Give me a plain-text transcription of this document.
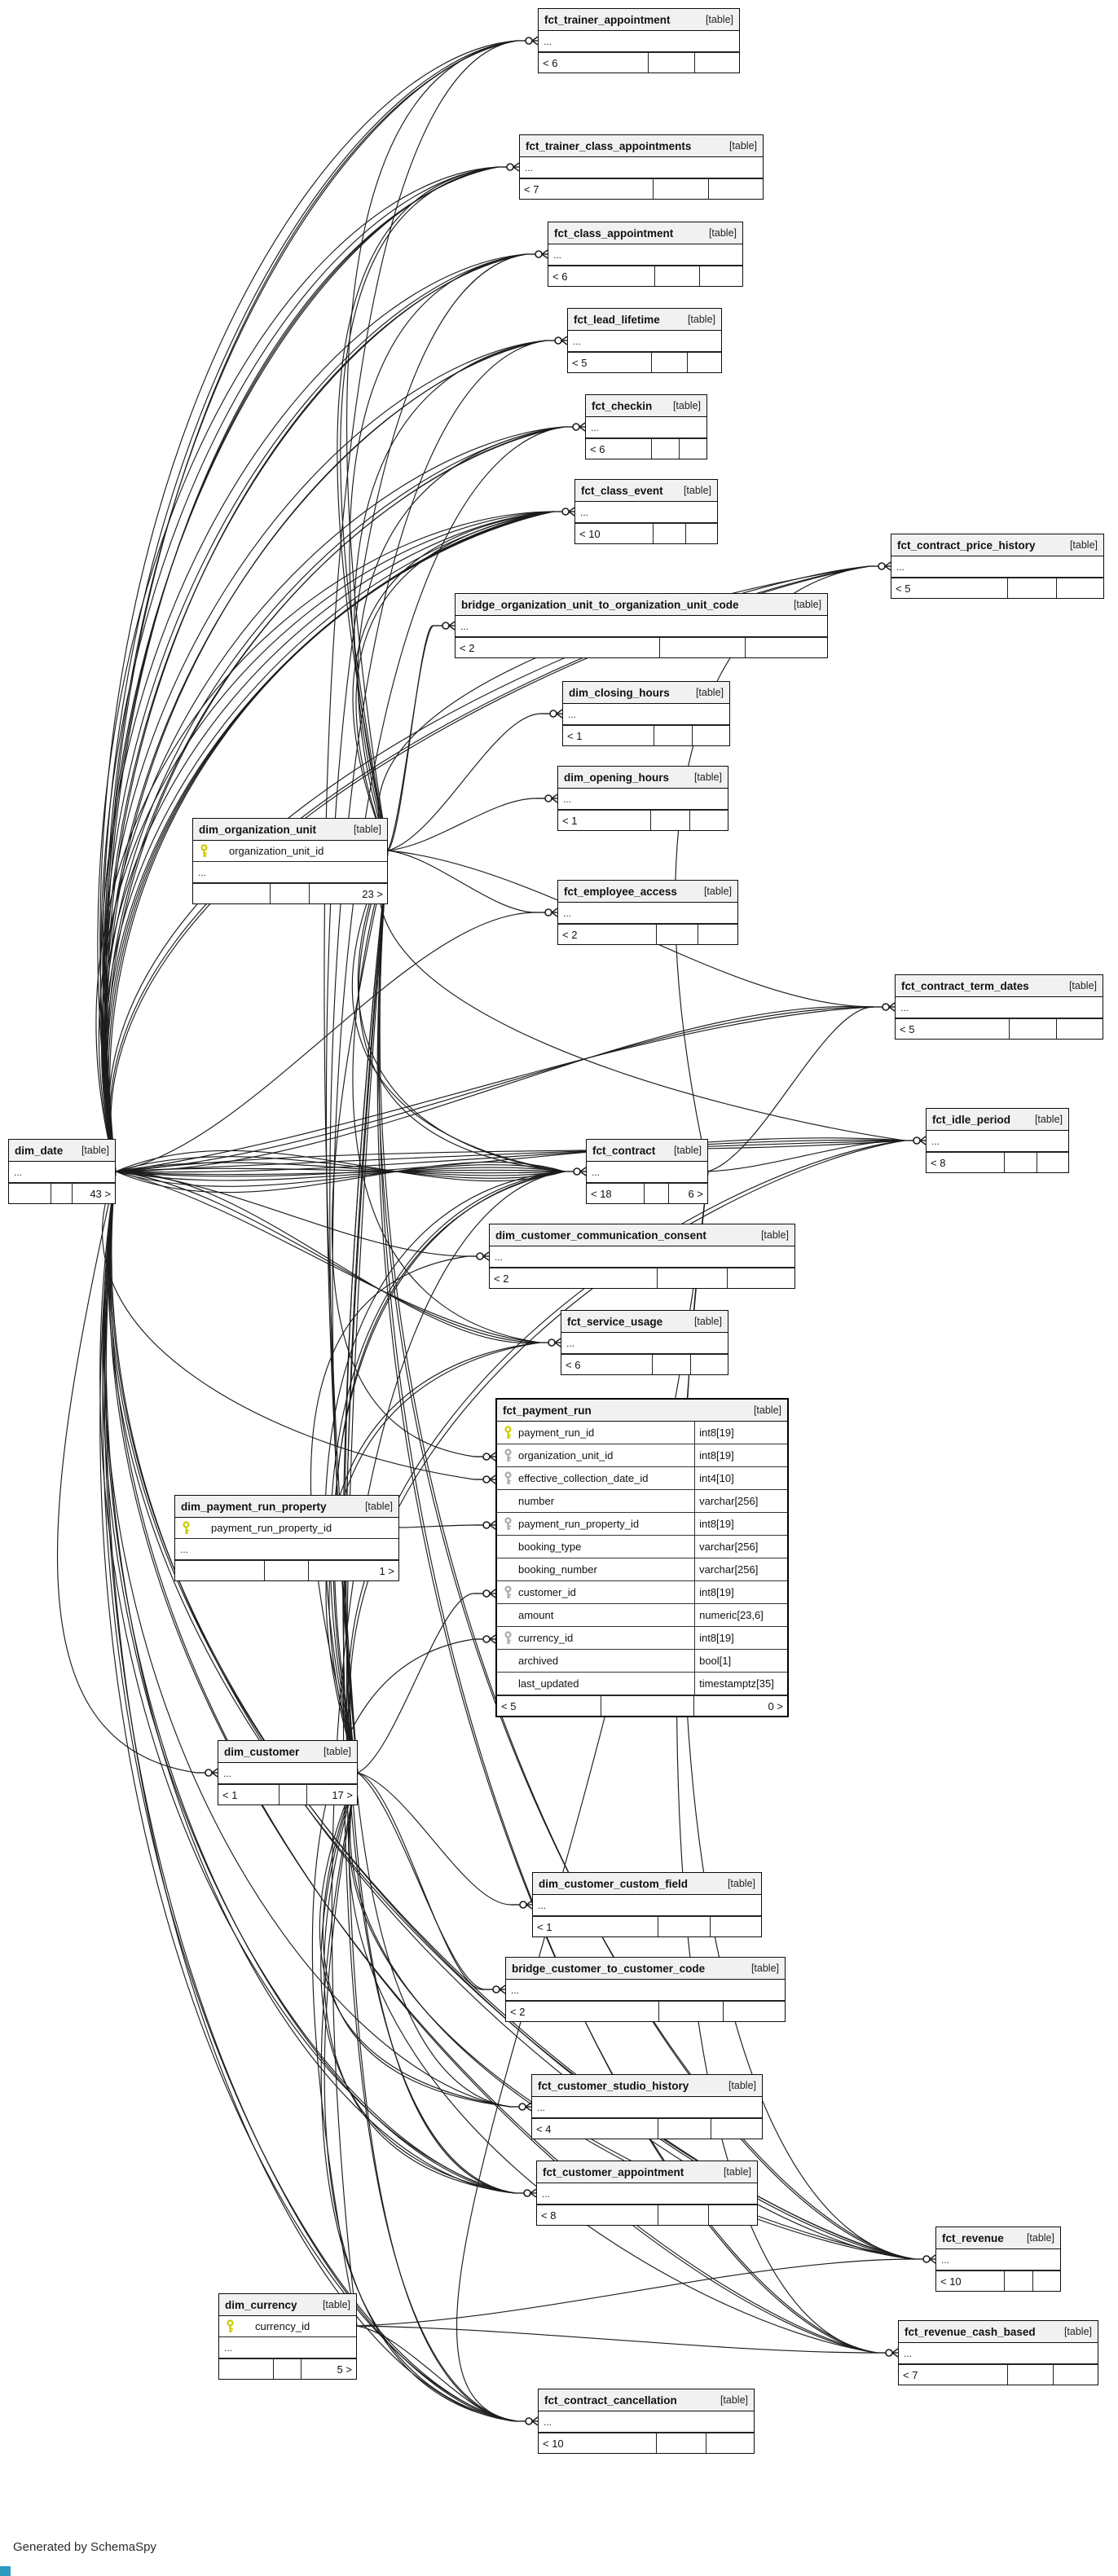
Generated by SchemaSpy
fct_trainer_appointment	[table]
...
< 6
fct_trainer_class_appointments	[table]
...
< 7
fct_class_appointment	[table]
...
< 6
fct_lead_lifetime	[table]
...
< 5
fct_checkin [table]
...
< 6
fct_class_event [table]
...
< 10
fct_contract_price_history	[table]
...
< 5
bridge_organization_unit_to_organization_unit_code	[table]
...
< 2
dim_closing_hours	[table]
...
< 1
dim_opening_hours [table]
...
< 1
dim_organization_unit	[table]
organization_unit_id
...
23 >	fct_employee_access	[table]
...
< 2
fct_contract_term_dates	[table]
...
< 5
fct_idle_period [table]
...
< 8
dim_date [table]
...
43 >
fct_contract [table]
...
< 18	6 >
dim_customer_communication_consent	[table]
...
< 2
fct_service_usage	[table]
...
< 6
fct_payment_run	[table]
payment_run_id	int8[19]
organization_unit_id	int8[19]
effective_collection_date_id	int4[10]
number	varchar[256]
payment_run_property_id	int8[19]
booking_type	varchar[256]
booking_number	varchar[256]
customer_id	int8[19]
amount	numeric[23,6]
currency_id	int8[19]
archived	bool[1]
last_updated	timestamptz[35]
< 5	0 >
dim_payment_run_property	[table]
payment_run_property_id
...
1 >
dim_customer [table]
...
< 1	17 >
dim_customer_custom_field	[table]
...
< 1
bridge_customer_to_customer_code	[table]
...
< 2
fct_customer_studio_history	[table]
...
< 4
fct_customer_appointment	[table]
...
< 8
fct_revenue [table]
...
< 10
dim_currency	[table]
currency_id
...
5 >
fct_revenue_cash_based	[table]
...
< 7
fct_contract_cancellation	[table]
...
< 10
